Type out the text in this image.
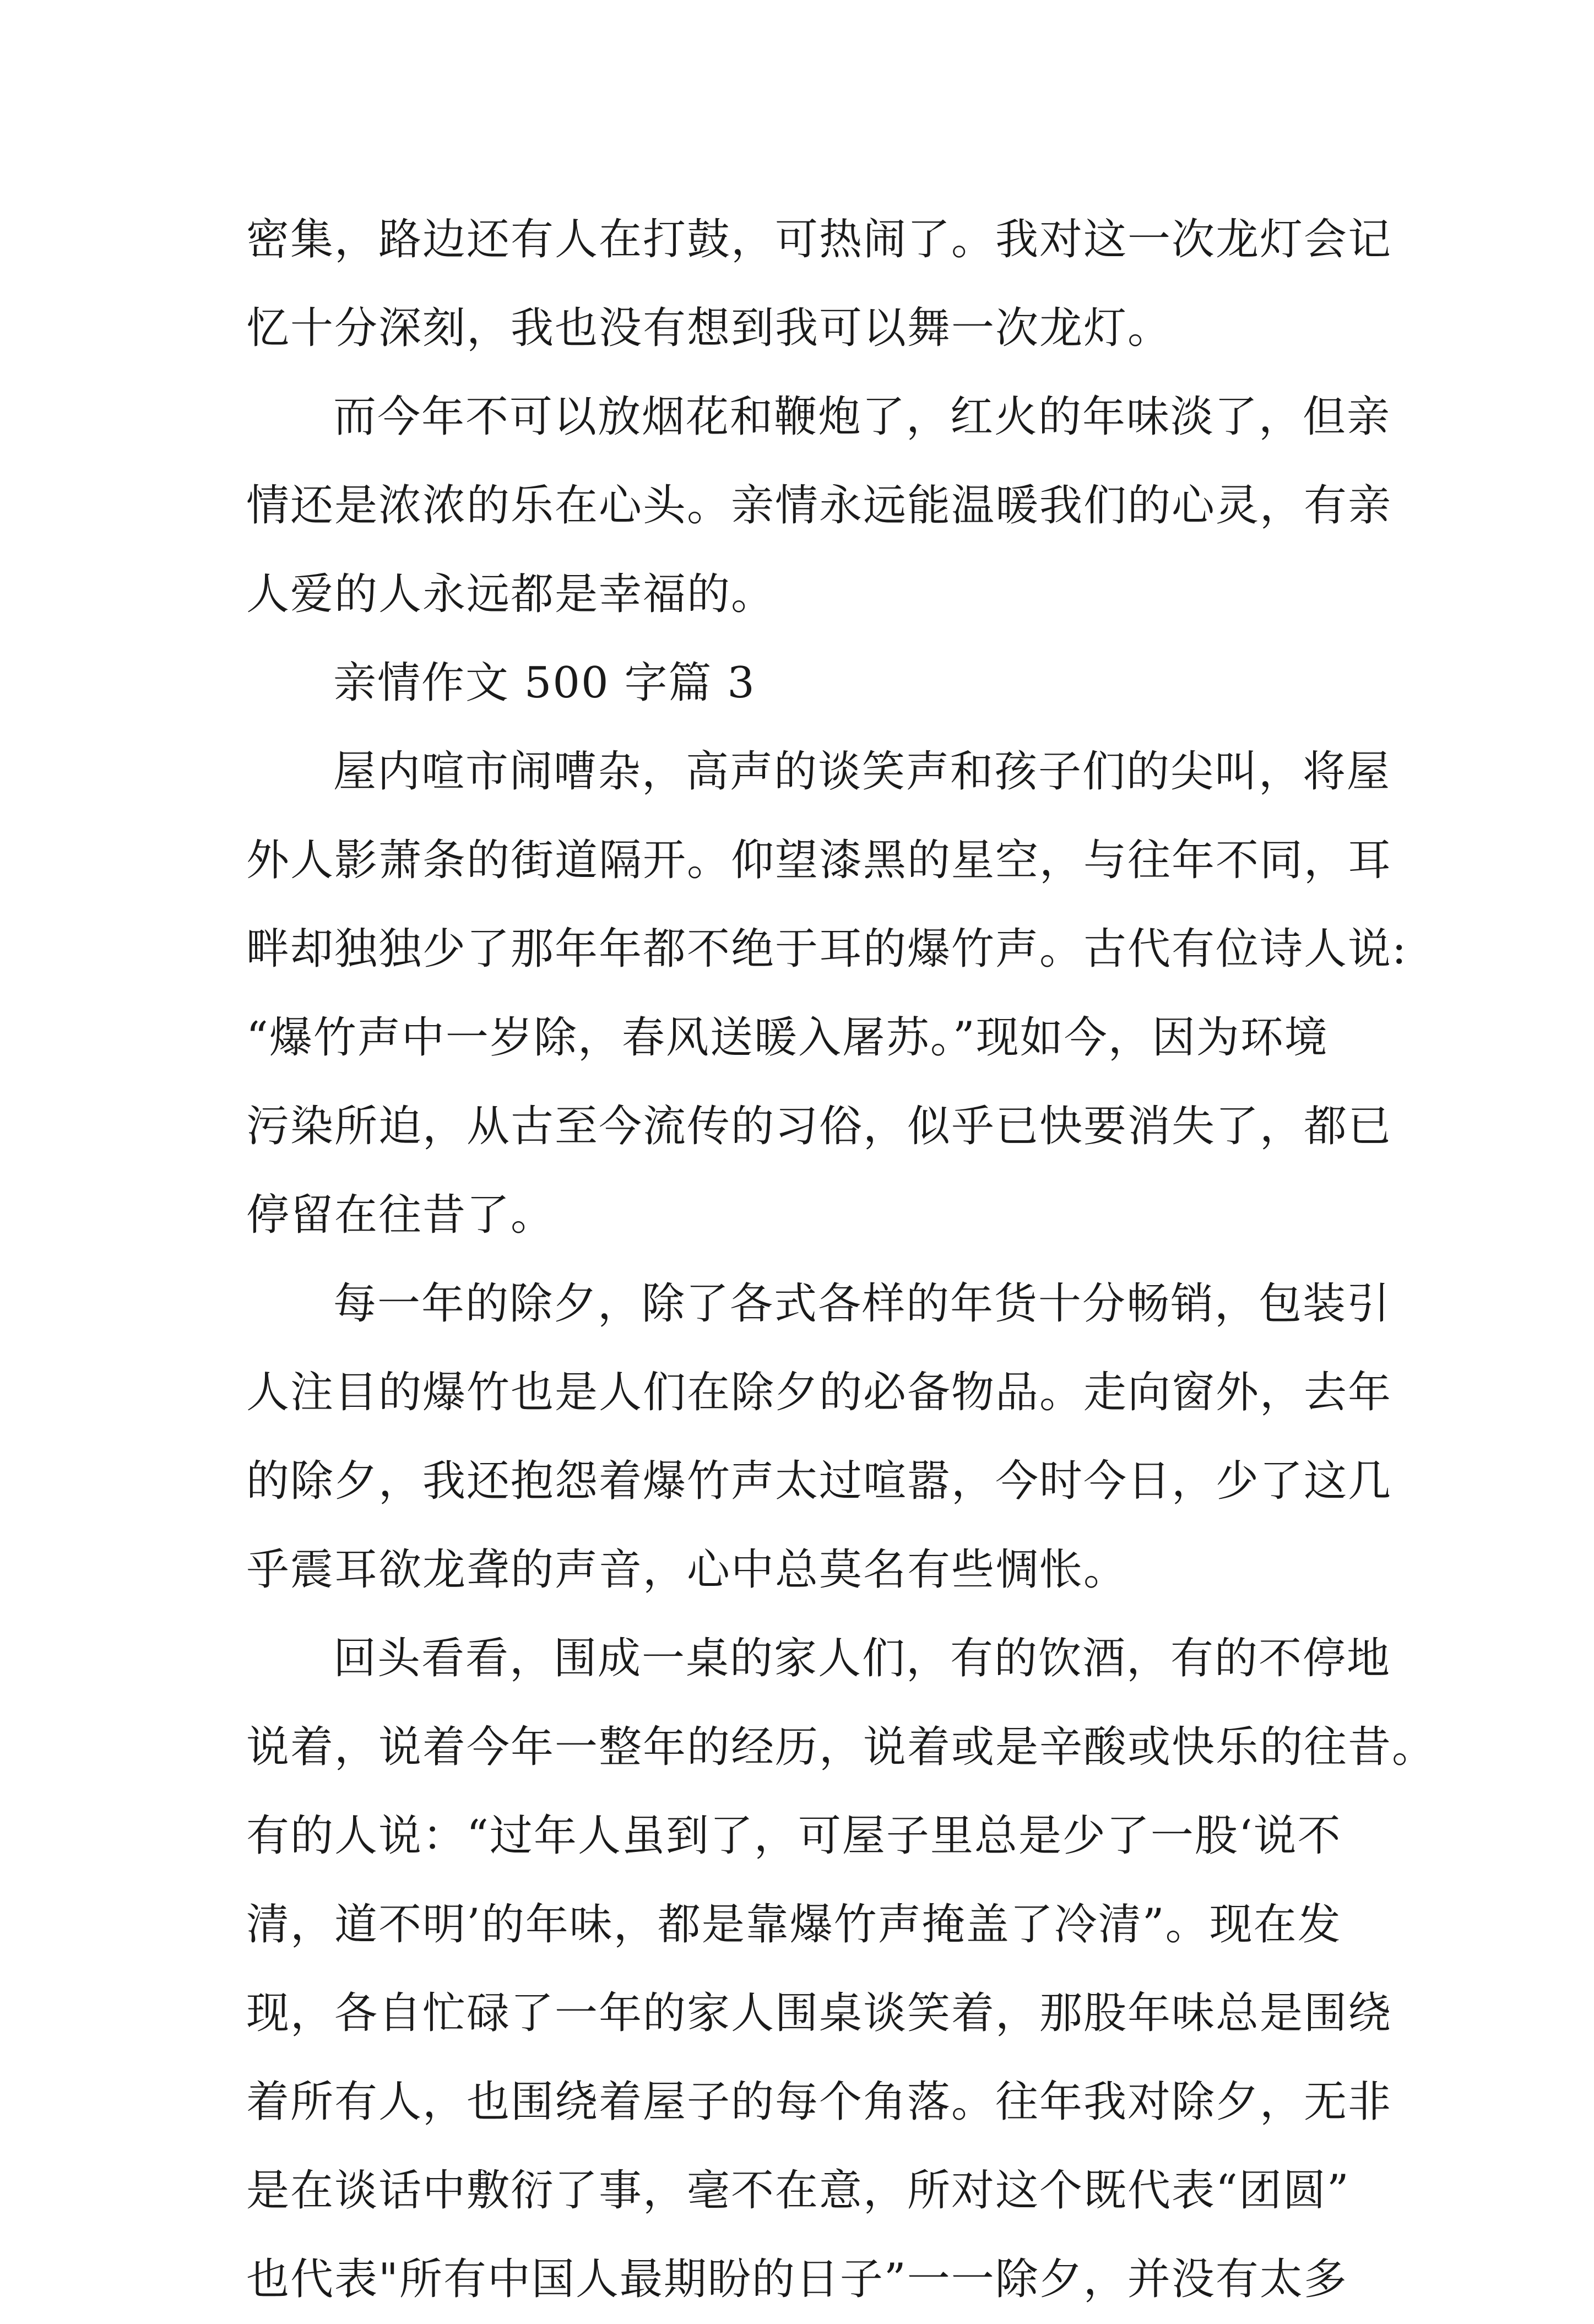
密集，路边还有人在打鼓，可热闹了。我对这一次龙灯会记
忆十分深刻，我也没有想到我可以舞一次龙灯。
而今年不可以放烟花和鞭炮了，红火的年味淡了，但亲
情还是浓浓的乐在心头。亲情永远能温暖我们的心灵，有亲
人爱的人永远都是幸福的。
亲情作文 500 字篇 3
屋内喧市闹嘈杂，高声的谈笑声和孩子们的尖叫，将屋
外人影萧条的街道隔开。仰望漆黑的星空，与往年不同，耳
畔却独独少了那年年都不绝于耳的爆竹声。古代有位诗人说:
“爆竹声中一岁除，春风送暖入屠苏。”现如今，因为环境
污染所迫，从古至今流传的习俗，似乎已快要消失了，都已
停留在往昔了。
每一年的除夕，除了各式各样的年货十分畅销，包装引
人注目的爆竹也是人们在除夕的必备物品。走向窗外，去年
的除夕，我还抱怨着爆竹声太过喧嚣，今时今日，少了这几
乎震耳欲龙聋的声音，心中总莫名有些惆怅。
回头看看，围成一桌的家人们，有的饮酒，有的不停地
说着，说着今年一整年的经历，说着或是辛酸或快乐的往昔。
有的人说：“过年人虽到了，可屋子里总是少了一股‘说不
清，道不明’的年味，都是靠爆竹声掩盖了冷清”。现在发
现，各自忙碌了一年的家人围桌谈笑着，那股年味总是围绕
着所有人，也围绕着屋子的每个角落。往年我对除夕，无非
是在谈话中敷衍了事，毫不在意，所对这个既代表“团圆”
也代表"所有中国人最期盼的日子”一一除夕，并没有太多
